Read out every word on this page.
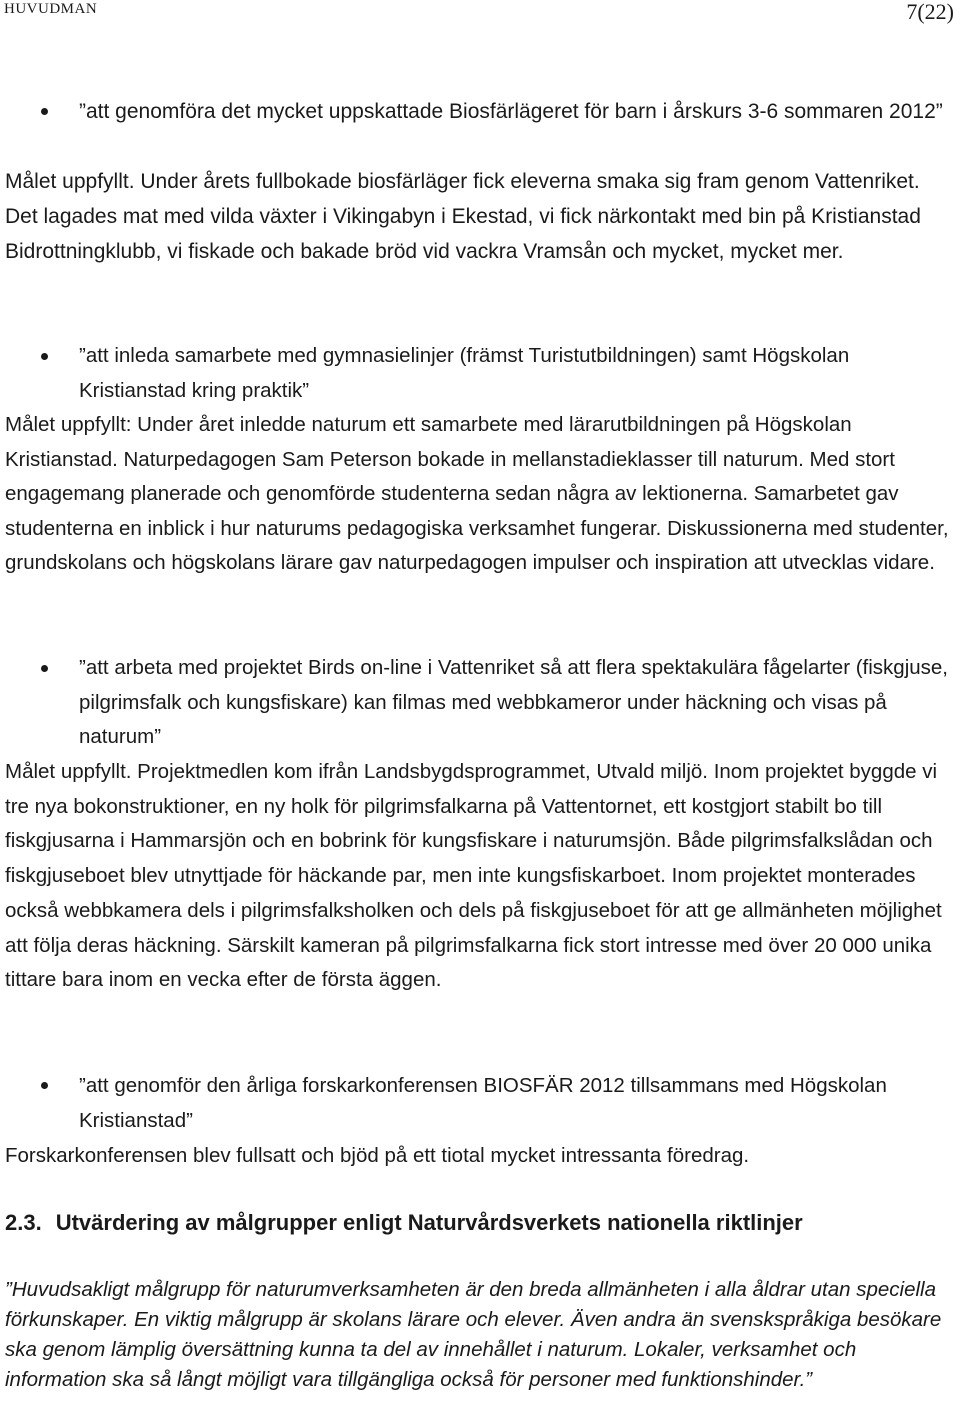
HUVUDMAN	7(22)

”att genomföra det mycket uppskattade Biosfärlägeret för barn i årskurs 3-6 sommaren 2012”

Målet uppfyllt. Under årets fullbokade biosfärläger fick eleverna smaka sig fram genom Vattenriket. Det lagades mat med vilda växter i Vikingabyn i Ekestad, vi fick närkontakt med bin på Kristianstad Bidrottningklubb, vi fiskade och bakade bröd vid vackra Vramsån och mycket, mycket mer.

”att inleda samarbete med gymnasielinjer (främst Turistutbildningen) samt Högskolan Kristianstad kring praktik”

Målet uppfyllt: Under året inledde naturum ett samarbete med lärarutbildningen på Högskolan Kristianstad. Naturpedagogen Sam Peterson bokade in mellanstadieklasser till naturum. Med stort engagemang planerade och genomförde studenterna sedan några av lektionerna. Samarbetet gav studenterna en inblick i hur naturums pedagogiska verksamhet fungerar. Diskussionerna med studenter, grundskolans och högskolans lärare gav naturpedagogen impulser och inspiration att utvecklas vidare.

”att arbeta med projektet Birds on-line i Vattenriket så att flera spektakulära fågelarter (fiskgjuse, pilgrimsfalk och kungsfiskare) kan filmas med webbkameror under häckning och visas på naturum”

Målet uppfyllt. Projektmedlen kom ifrån Landsbygdsprogrammet, Utvald miljö. Inom projektet byggde vi tre nya bokonstruktioner, en ny holk för pilgrimsfalkarna på Vattentornet, ett kostgjort stabilt bo till fiskgjusarna i Hammarsjön och en bobrink för kungsfiskare i naturumsjön. Både pilgrimsfalkslådan och fiskgjuseboet blev utnyttjade för häckande par, men inte kungsfiskarboet. Inom projektet monterades också webbkamera dels i pilgrimsfalksholken och dels på fiskgjuseboet för att ge allmänheten möjlighet att följa deras häckning. Särskilt kameran på pilgrimsfalkarna fick stort intresse med över 20 000 unika tittare bara inom en vecka efter de första äggen.

”att genomför den årliga forskarkonferensen BIOSFÄR 2012 tillsammans med Högskolan Kristianstad”

Forskarkonferensen blev fullsatt och bjöd på ett tiotal mycket intressanta föredrag.

2.3. Utvärdering av målgrupper enligt Naturvårdsverkets nationella riktlinjer

”Huvudsakligt målgrupp för naturumverksamheten är den breda allmänheten i alla åldrar utan speciella förkunskaper. En viktig målgrupp är skolans lärare och elever. Även andra än svenskspråkiga besökare ska genom lämplig översättning kunna ta del av innehållet i naturum. Lokaler, verksamhet och information ska så långt möjligt vara tillgängliga också för personer med funktionshinder.”
